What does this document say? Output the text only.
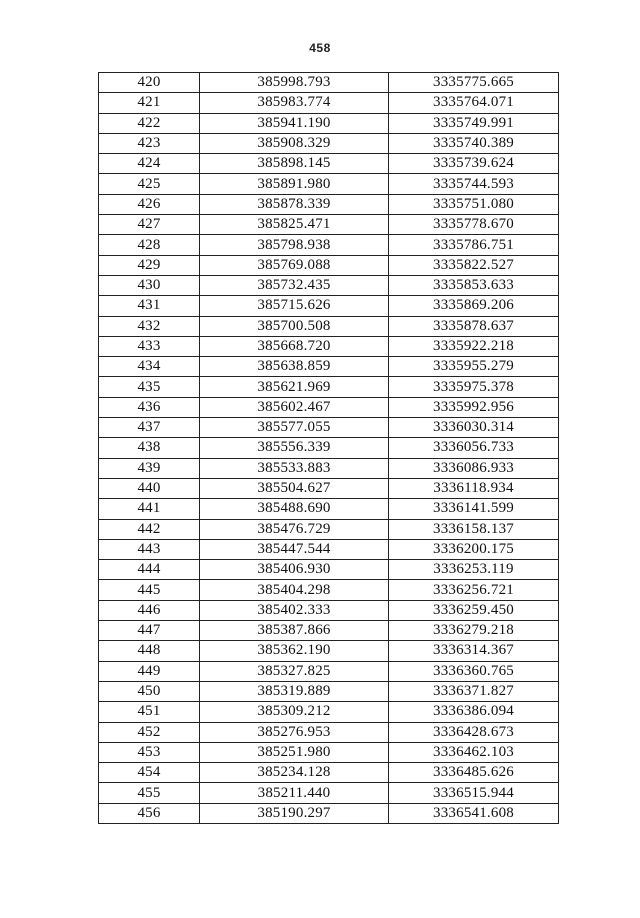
458
420	385998.793	3335775.665
421	385983.774	3335764.071
422	385941.190	3335749.991
423	385908.329	3335740.389
424	385898.145	3335739.624
425	385891.980	3335744.593
426	385878.339	3335751.080
427	385825.471	3335778.670
428	385798.938	3335786.751
429	385769.088	3335822.527
430	385732.435	3335853.633
431	385715.626	3335869.206
432	385700.508	3335878.637
433	385668.720	3335922.218
434	385638.859	3335955.279
435	385621.969	3335975.378
436	385602.467	3335992.956
437	385577.055	3336030.314
438	385556.339	3336056.733
439	385533.883	3336086.933
440	385504.627	3336118.934
441	385488.690	3336141.599
442	385476.729	3336158.137
443	385447.544	3336200.175
444	385406.930	3336253.119
445	385404.298	3336256.721
446	385402.333	3336259.450
447	385387.866	3336279.218
448	385362.190	3336314.367
449	385327.825	3336360.765
450	385319.889	3336371.827
451	385309.212	3336386.094
452	385276.953	3336428.673
453	385251.980	3336462.103
454	385234.128	3336485.626
455	385211.440	3336515.944
456	385190.297	3336541.608
